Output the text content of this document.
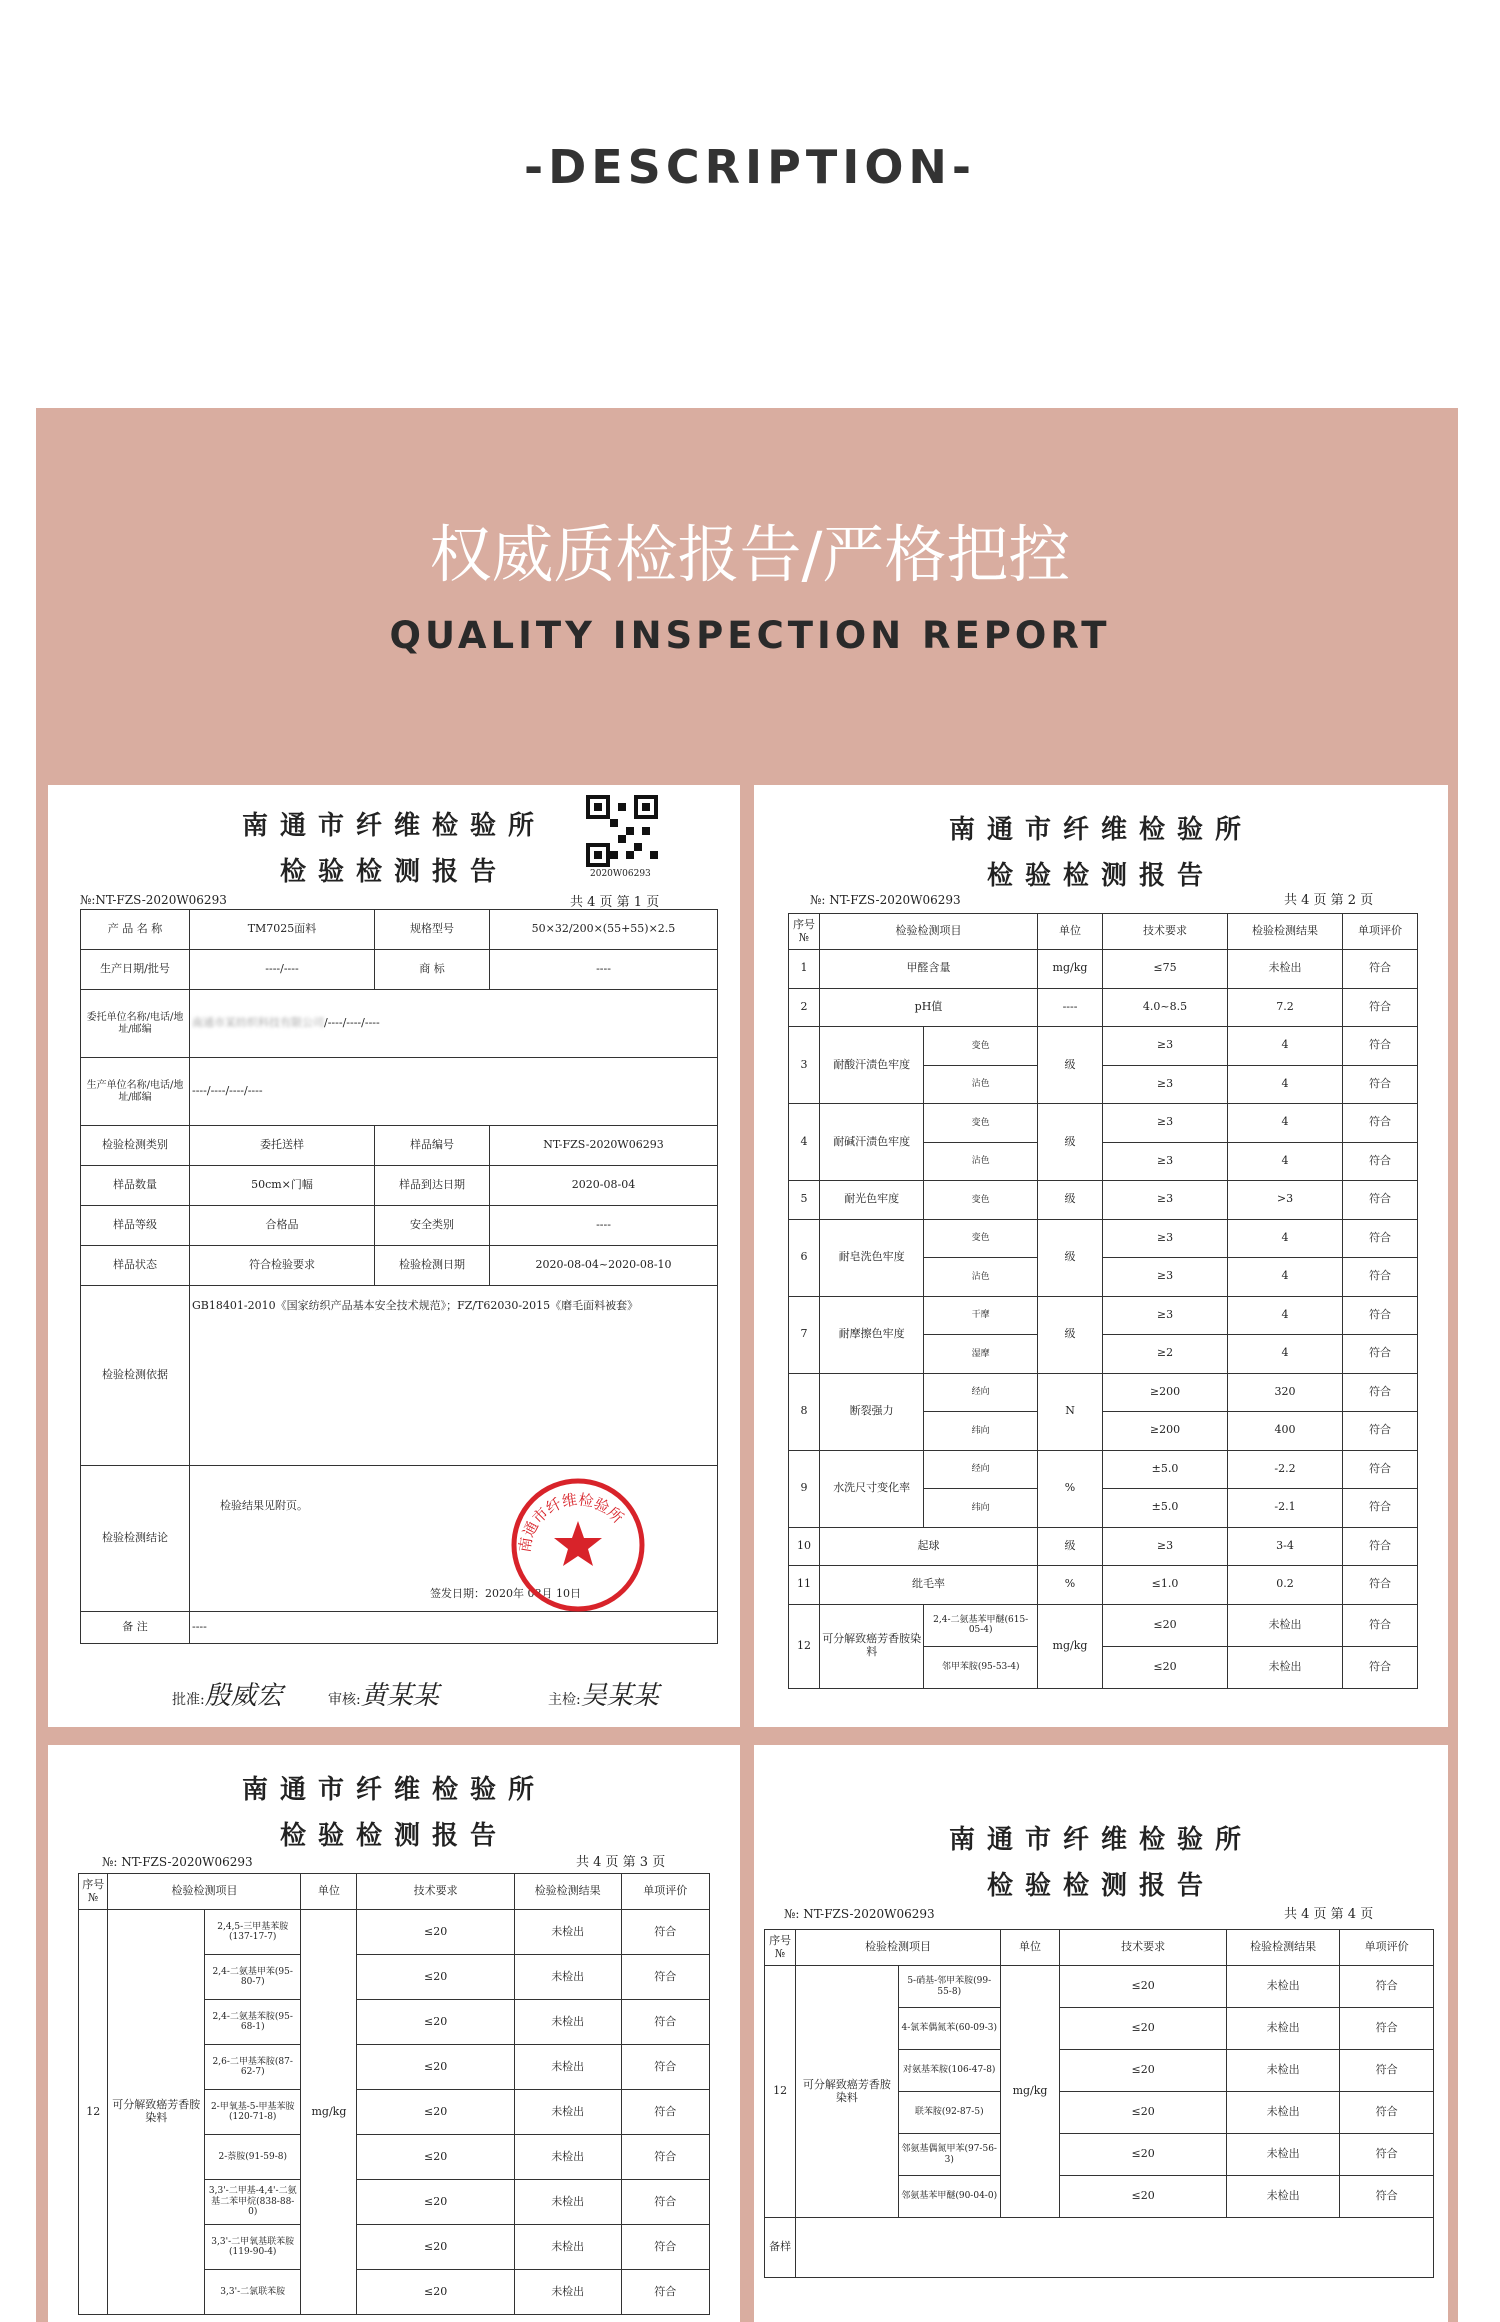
-DESCRIPTION-
权威质检报告/严格把控
QUALITY INSPECTION REPORT
南通市纤维检验所
检验检测报告	2020W06293
№:NT-FZS-2020W06293	共 4 页 第 1 页
产 品 名 称	TM7025面料	规格型号	50×32/200×(55+55)×2.5
生产日期/批号	----/----	商 标	----
委托单位名称/电话/地址/邮编	南通市某纺织科技有限公司/----/----/----		
生产单位名称/电话/地址/邮编	----/----/----/----		
检验检测类别	委托送样	样品编号	NT-FZS-2020W06293
样品数量	50cm×门幅	样品到达日期	2020-08-04
样品等级	合格品	安全类别	----
样品状态	符合检验要求	检验检测日期	2020-08-04~2020-08-10
检验检测依据	GB18401-2010《国家纺织产品基本安全技术规范》；FZ/T62030-2015《磨毛面料被套》		
检验检测结论	检验结果见附页。
签发日期：2020年 08月 10日		

备 注	----		
南通市纤维检验所
批准:殷威宏	审核:黄某某	主检:吴某某
南通市纤维检验所
检验检测报告
№: NT-FZS-2020W06293	共 4 页 第 2 页
序号 №	检验检测项目		单位	技术要求	检验检测结果	单项评价
1	甲醛含量		mg/kg	≤75	未检出	符合
2	pH值		----	4.0~8.5	7.2	符合
3	耐酸汗渍色牢度	变色	级	≥3	4	符合
		沾色		≥3	4	符合
4	耐碱汗渍色牢度	变色	级	≥3	4	符合
		沾色		≥3	4	符合
5	耐光色牢度	变色	级	≥3	>3	符合
6	耐皂洗色牢度	变色	级	≥3	4	符合
		沾色		≥3	4	符合
7	耐摩擦色牢度	干摩	级	≥3	4	符合
		湿摩		≥2	4	符合
8	断裂强力	经向	N	≥200	320	符合
		纬向		≥200	400	符合
9	水洗尺寸变化率	经向	%	±5.0	-2.2	符合
		纬向		±5.0	-2.1	符合
10	起球		级	≥3	3-4	符合
11	纰毛率		%	≤1.0	0.2	符合
12	可分解致癌芳香胺染料	2,4-二氨基苯甲醚(615-05-4)	mg/kg	≤20	未检出	符合
		邻甲苯胺(95-53-4)		≤20	未检出	符合
南通市纤维检验所
检验检测报告
№: NT-FZS-2020W06293	共 4 页 第 3 页
序号 №	检验检测项目		单位	技术要求	检验检测结果	单项评价
12	可分解致癌芳香胺染料	2,4,5-三甲基苯胺(137-17-7)	mg/kg	≤20	未检出	符合
		2,4-二氨基甲苯(95-80-7)		≤20	未检出	符合
		2,4-二氨基苯胺(95-68-1)		≤20	未检出	符合
		2,6-二甲基苯胺(87-62-7)		≤20	未检出	符合
		2-甲氧基-5-甲基苯胺(120-71-8)		≤20	未检出	符合
		2-萘胺(91-59-8)		≤20	未检出	符合
		3,3'-二甲基-4,4'-二氨基二苯甲烷(838-88-0)		≤20	未检出	符合
		3,3'-二甲氧基联苯胺(119-90-4)		≤20	未检出	符合
		3,3'-二氯联苯胺		≤20	未检出	符合
南通市纤维检验所
检验检测报告
№: NT-FZS-2020W06293	共 4 页 第 4 页
序号 №	检验检测项目		单位	技术要求	检验检测结果	单项评价
12	可分解致癌芳香胺染料	5-硝基-邻甲苯胺(99-55-8)	mg/kg	≤20	未检出	符合
		4-氯苯偶氮苯(60-09-3)		≤20	未检出	符合
		对氨基苯胺(106-47-8)		≤20	未检出	符合
		联苯胺(92-87-5)		≤20	未检出	符合
		邻氨基偶氮甲苯(97-56-3)		≤20	未检出	符合
		邻氨基苯甲醚(90-04-0)		≤20	未检出	符合
备样						
